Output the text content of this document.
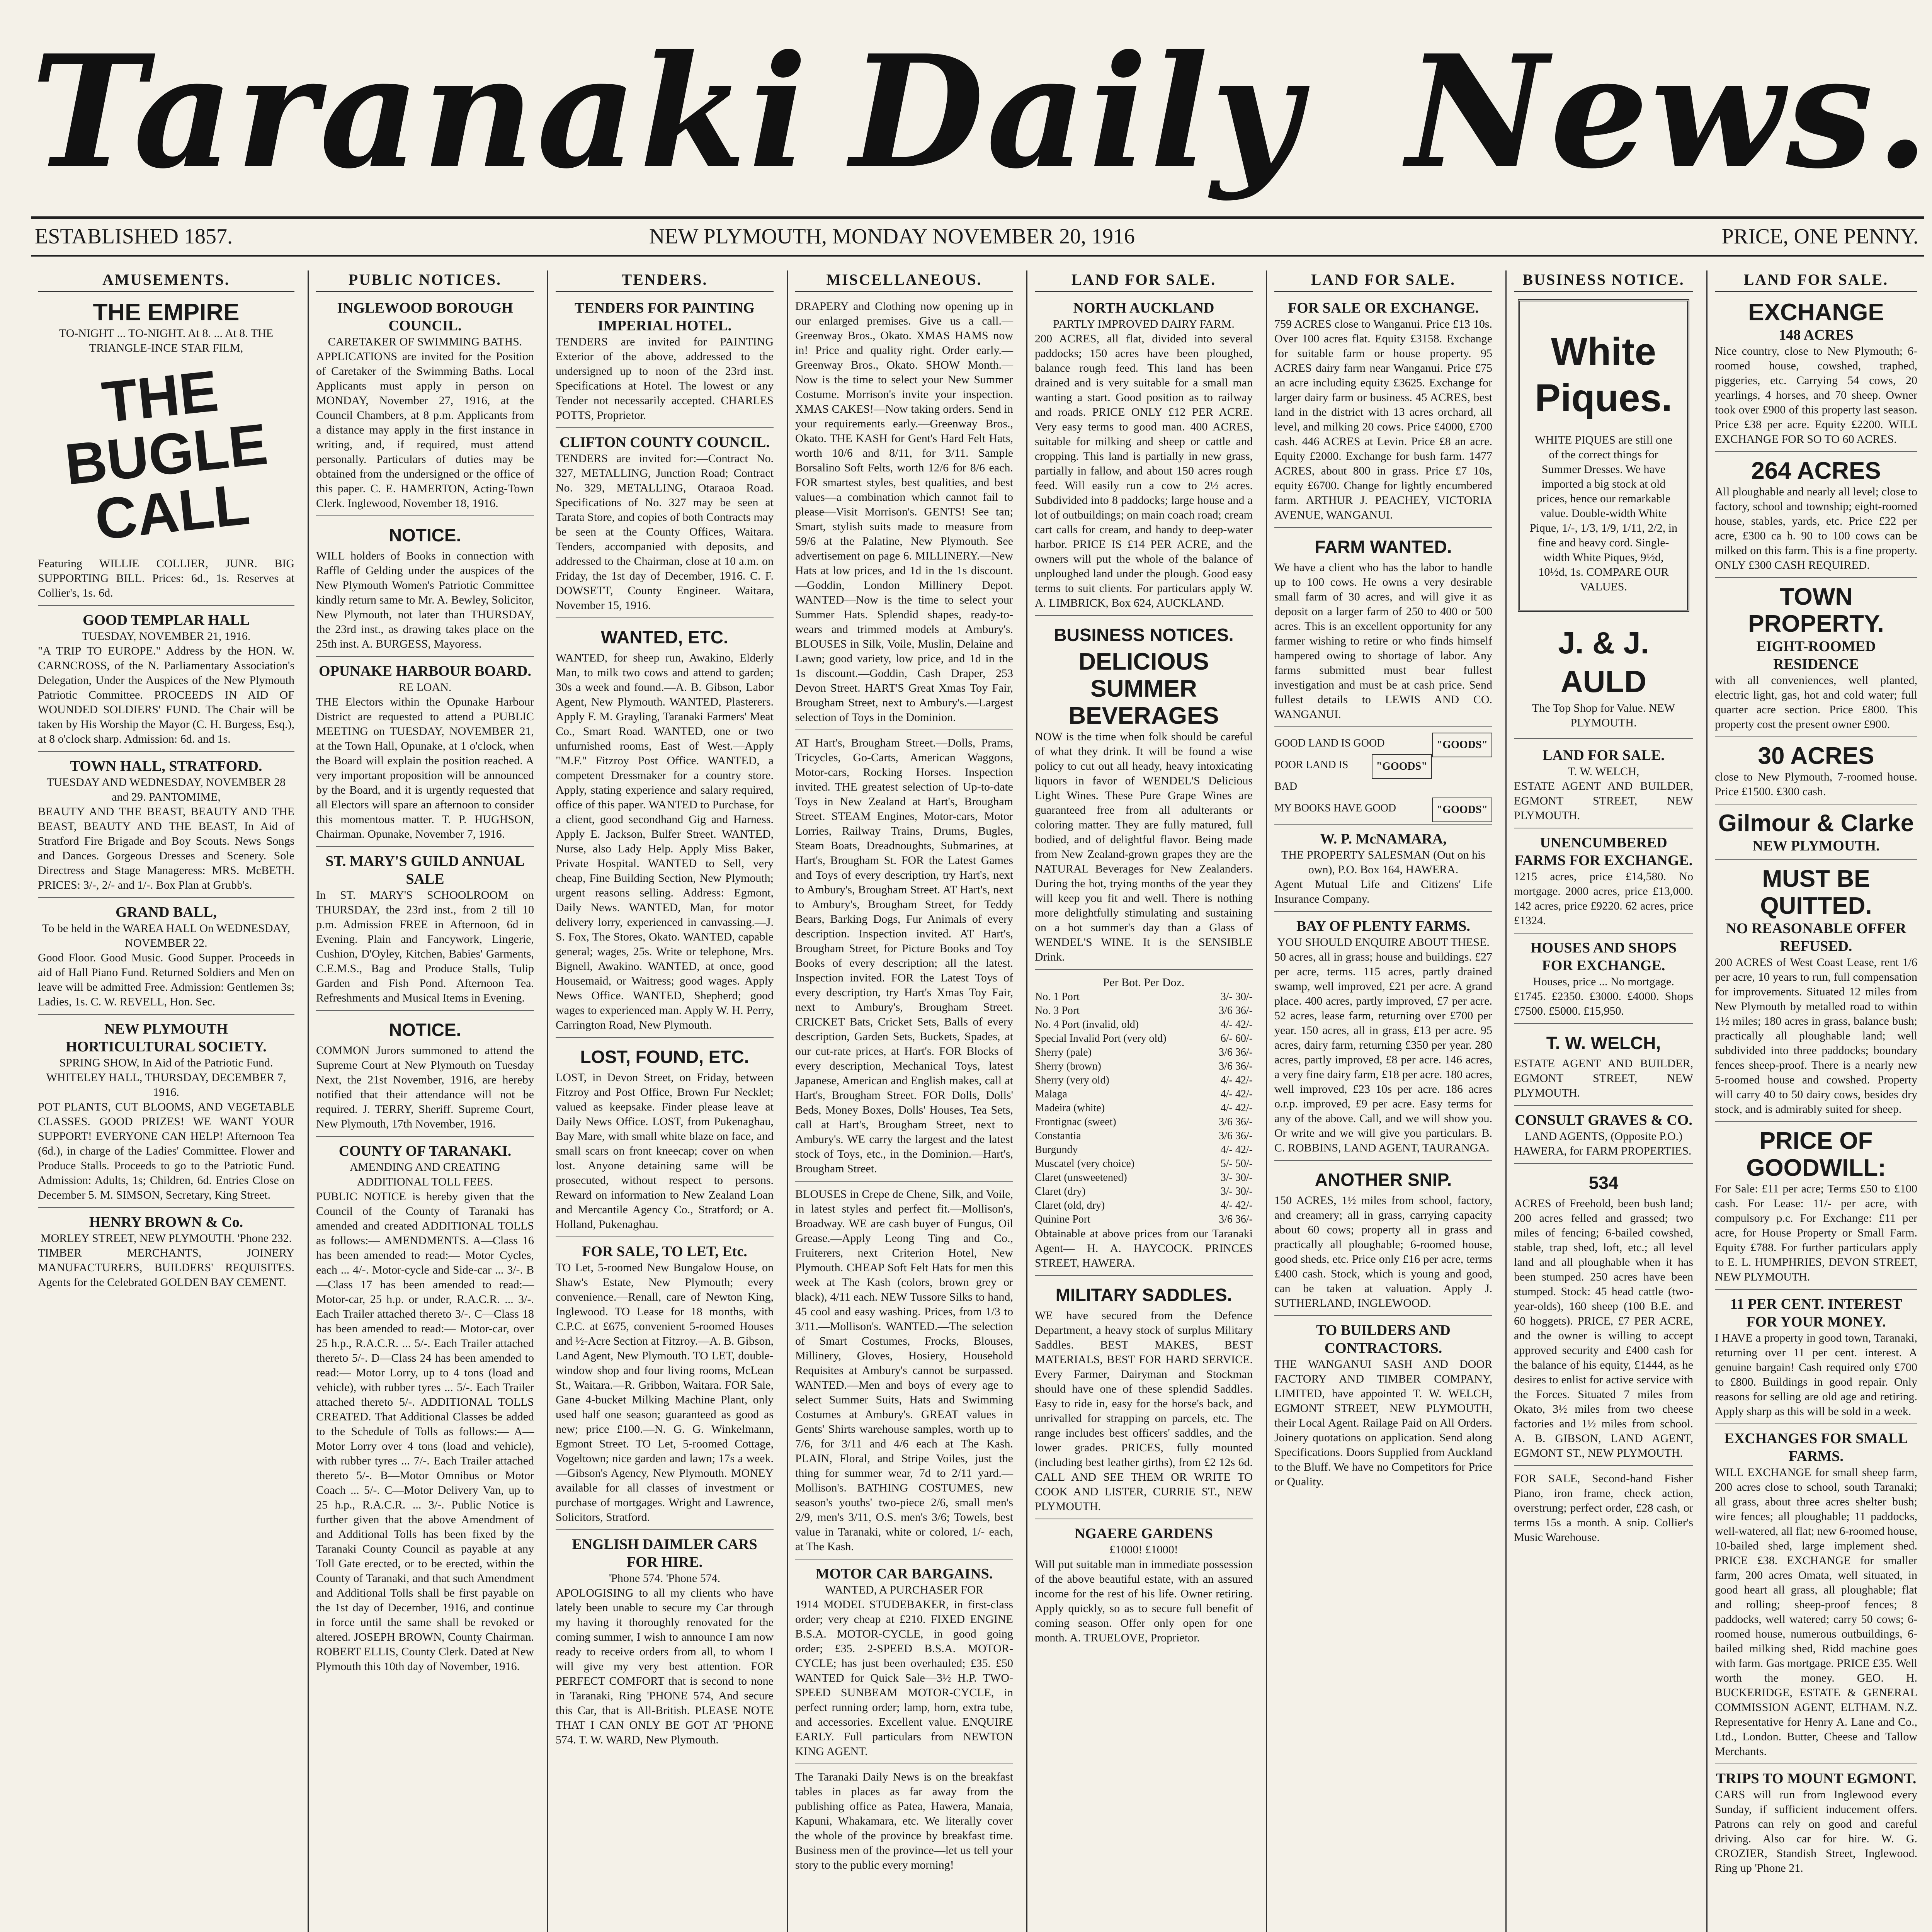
Taranaki Daily News.
ESTABLISHED 1857.	NEW PLYMOUTH, MONDAY NOVEMBER 20, 1916	PRICE, ONE PENNY.
AMUSEMENTS.
THE EMPIRE
TO-NIGHT ... TO-NIGHT. At 8. ... At 8. THE TRIANGLE-INCE STAR FILM,
THE BUGLE CALL
Featuring WILLIE COLLIER, JUNR. BIG SUPPORTING BILL. Prices: 6d., 1s. Reserves at Collier's, 1s. 6d.
GOOD TEMPLAR HALL
TUESDAY, NOVEMBER 21, 1916.
"A TRIP TO EUROPE." Address by the HON. W. CARNCROSS, of the N. Parliamentary Association's Delegation, Under the Auspices of the New Plymouth Patriotic Committee. PROCEEDS IN AID OF WOUNDED SOLDIERS' FUND. The Chair will be taken by His Worship the Mayor (C. H. Burgess, Esq.), at 8 o'clock sharp. Admission: 6d. and 1s.
TOWN HALL, STRATFORD.
TUESDAY AND WEDNESDAY, NOVEMBER 28 and 29. PANTOMIME,
BEAUTY AND THE BEAST, BEAUTY AND THE BEAST, BEAUTY AND THE BEAST, In Aid of Stratford Fire Brigade and Boy Scouts. News Songs and Dances. Gorgeous Dresses and Scenery. Sole Directress and Stage Manageress: MRS. McBETH. PRICES: 3/-, 2/- and 1/-. Box Plan at Grubb's.
GRAND BALL,
To be held in the WAREA HALL On WEDNESDAY, NOVEMBER 22.
Good Floor. Good Music. Good Supper. Proceeds in aid of Hall Piano Fund. Returned Soldiers and Men on leave will be admitted Free. Admission: Gentlemen 3s; Ladies, 1s. C. W. REVELL, Hon. Sec.
NEW PLYMOUTH HORTICULTURAL SOCIETY.
SPRING SHOW, In Aid of the Patriotic Fund. WHITELEY HALL, THURSDAY, DECEMBER 7, 1916.
POT PLANTS, CUT BLOOMS, AND VEGETABLE CLASSES. GOOD PRIZES! WE WANT YOUR SUPPORT! EVERYONE CAN HELP! Afternoon Tea (6d.), in charge of the Ladies' Committee. Flower and Produce Stalls. Proceeds to go to the Patriotic Fund. Admission: Adults, 1s; Children, 6d. Entries Close on December 5. M. SIMSON, Secretary, King Street.
HENRY BROWN & Co.
MORLEY STREET, NEW PLYMOUTH. 'Phone 232.
TIMBER MERCHANTS, JOINERY MANUFACTURERS, BUILDERS' REQUISITES. Agents for the Celebrated GOLDEN BAY CEMENT.
PUBLIC NOTICES.
INGLEWOOD BOROUGH COUNCIL.
CARETAKER OF SWIMMING BATHS.
APPLICATIONS are invited for the Position of Caretaker of the Swimming Baths. Local Applicants must apply in person on MONDAY, November 27, 1916, at the Council Chambers, at 8 p.m. Applicants from a distance may apply in the first instance in writing, and, if required, must attend personally. Particulars of duties may be obtained from the undersigned or the office of this paper. C. E. HAMERTON, Acting-Town Clerk. Inglewood, November 18, 1916.
NOTICE.
WILL holders of Books in connection with Raffle of Gelding under the auspices of the New Plymouth Women's Patriotic Committee kindly return same to Mr. A. Bewley, Solicitor, New Plymouth, not later than THURSDAY, the 23rd inst., as drawing takes place on the 25th inst. A. BURGESS, Mayoress.
OPUNAKE HARBOUR BOARD.
RE LOAN.
THE Electors within the Opunake Harbour District are requested to attend a PUBLIC MEETING on TUESDAY, NOVEMBER 21, at the Town Hall, Opunake, at 1 o'clock, when the Board will explain the position reached. A very important proposition will be announced by the Board, and it is urgently requested that all Electors will spare an afternoon to consider this momentous matter. T. P. HUGHSON, Chairman. Opunake, November 7, 1916.
ST. MARY'S GUILD ANNUAL SALE
In ST. MARY'S SCHOOLROOM on THURSDAY, the 23rd inst., from 2 till 10 p.m. Admission FREE in Afternoon, 6d in Evening. Plain and Fancywork, Lingerie, Cushion, D'Oyley, Kitchen, Babies' Garments, C.E.M.S., Bag and Produce Stalls, Tulip Garden and Fish Pond. Afternoon Tea. Refreshments and Musical Items in Evening.
NOTICE.
COMMON Jurors summoned to attend the Supreme Court at New Plymouth on Tuesday Next, the 21st November, 1916, are hereby notified that their attendance will not be required. J. TERRY, Sheriff. Supreme Court, New Plymouth, 17th November, 1916.
COUNTY OF TARANAKI.
AMENDING AND CREATING ADDITIONAL TOLL FEES.
PUBLIC NOTICE is hereby given that the Council of the County of Taranaki has amended and created ADDITIONAL TOLLS as follows:— AMENDMENTS. A—Class 16 has been amended to read:— Motor Cycles, each ... 4/-. Motor-cycle and Side-car ... 3/-. B—Class 17 has been amended to read:— Motor-car, 25 h.p. or under, R.A.C.R. ... 3/-. Each Trailer attached thereto 3/-. C—Class 18 has been amended to read:— Motor-car, over 25 h.p., R.A.C.R. ... 5/-. Each Trailer attached thereto 5/-. D—Class 24 has been amended to read:— Motor Lorry, up to 4 tons (load and vehicle), with rubber tyres ... 5/-. Each Trailer attached thereto 5/-. ADDITIONAL TOLLS CREATED. That Additional Classes be added to the Schedule of Tolls as follows:— A—Motor Lorry over 4 tons (load and vehicle), with rubber tyres ... 7/-. Each Trailer attached thereto 5/-. B—Motor Omnibus or Motor Coach ... 5/-. C—Motor Delivery Van, up to 25 h.p., R.A.C.R. ... 3/-. Public Notice is further given that the above Amendment of and Additional Tolls has been fixed by the Taranaki County Council as payable at any Toll Gate erected, or to be erected, within the County of Taranaki, and that such Amendment and Additional Tolls shall be first payable on the 1st day of December, 1916, and continue in force until the same shall be revoked or altered. JOSEPH BROWN, County Chairman. ROBERT ELLIS, County Clerk. Dated at New Plymouth this 10th day of November, 1916.
TENDERS.
TENDERS FOR PAINTING IMPERIAL HOTEL.
TENDERS are invited for PAINTING Exterior of the above, addressed to the undersigned up to noon of the 23rd inst. Specifications at Hotel. The lowest or any Tender not necessarily accepted. CHARLES POTTS, Proprietor.
CLIFTON COUNTY COUNCIL.
TENDERS are invited for:—Contract No. 327, METALLING, Junction Road; Contract No. 329, METALLING, Otaraoa Road. Specifications of No. 327 may be seen at Tarata Store, and copies of both Contracts may be seen at the County Offices, Waitara. Tenders, accompanied with deposits, and addressed to the Chairman, close at 10 a.m. on Friday, the 1st day of December, 1916. C. F. DOWSETT, County Engineer. Waitara, November 15, 1916.
WANTED, ETC.
WANTED, for sheep run, Awakino, Elderly Man, to milk two cows and attend to garden; 30s a week and found.—A. B. Gibson, Labor Agent, New Plymouth. WANTED, Plasterers. Apply F. M. Grayling, Taranaki Farmers' Meat Co., Smart Road. WANTED, one or two unfurnished rooms, East of West.—Apply "M.F." Fitzroy Post Office. WANTED, a competent Dressmaker for a country store. Apply, stating experience and salary required, office of this paper. WANTED to Purchase, for a client, good secondhand Gig and Harness. Apply E. Jackson, Bulfer Street. WANTED, Nurse, also Lady Help. Apply Miss Baker, Private Hospital. WANTED to Sell, very cheap, Fine Building Section, New Plymouth; urgent reasons selling. Address: Egmont, Daily News. WANTED, Man, for motor delivery lorry, experienced in canvassing.—J. S. Fox, The Stores, Okato. WANTED, capable general; wages, 25s. Write or telephone, Mrs. Bignell, Awakino. WANTED, at once, good Housemaid, or Waitress; good wages. Apply News Office. WANTED, Shepherd; good wages to experienced man. Apply W. H. Perry, Carrington Road, New Plymouth.
LOST, FOUND, ETC.
LOST, in Devon Street, on Friday, between Fitzroy and Post Office, Brown Fur Necklet; valued as keepsake. Finder please leave at Daily News Office. LOST, from Pukenaghau, Bay Mare, with small white blaze on face, and small scars on front kneecap; cover on when lost. Anyone detaining same will be prosecuted, without respect to persons. Reward on information to New Zealand Loan and Mercantile Agency Co., Stratford; or A. Holland, Pukenaghau.
FOR SALE, TO LET, Etc.
TO Let, 5-roomed New Bungalow House, on Shaw's Estate, New Plymouth; every convenience.—Renall, care of Newton King, Inglewood. TO Lease for 18 months, with C.P.C. at £675, convenient 5-roomed Houses and ½-Acre Section at Fitzroy.—A. B. Gibson, Land Agent, New Plymouth. TO LET, double-window shop and four living rooms, McLean St., Waitara.—R. Gribbon, Waitara. FOR Sale, Gane 4-bucket Milking Machine Plant, only used half one season; guaranteed as good as new; price £100.—N. G. G. Winkelmann, Egmont Street. TO Let, 5-roomed Cottage, Vogeltown; nice garden and lawn; 17s a week.—Gibson's Agency, New Plymouth. MONEY available for all classes of investment or purchase of mortgages. Wright and Lawrence, Solicitors, Stratford.
ENGLISH DAIMLER CARS FOR HIRE.
'Phone 574. 'Phone 574.
APOLOGISING to all my clients who have lately been unable to secure my Car through my having it thoroughly renovated for the coming summer, I wish to announce I am now ready to receive orders from all, to whom I will give my very best attention. FOR PERFECT COMFORT that is second to none in Taranaki, Ring 'PHONE 574, And secure this Car, that is All-British. PLEASE NOTE THAT I CAN ONLY BE GOT AT 'PHONE 574. T. W. WARD, New Plymouth.
MISCELLANEOUS.
DRAPERY and Clothing now opening up in our enlarged premises. Give us a call.—Greenway Bros., Okato. XMAS HAMS now in! Price and quality right. Order early.—Greenway Bros., Okato. SHOW Month.—Now is the time to select your New Summer Costume. Morrison's invite your inspection. XMAS CAKES!—Now taking orders. Send in your requirements early.—Greenway Bros., Okato. THE KASH for Gent's Hard Felt Hats, worth 10/6 and 8/11, for 3/11. Sample Borsalino Soft Felts, worth 12/6 for 8/6 each. FOR smartest styles, best qualities, and best values—a combination which cannot fail to please—Visit Morrison's. GENTS! See tan; Smart, stylish suits made to measure from 59/6 at the Palatine, New Plymouth. See advertisement on page 6. MILLINERY.—New Hats at low prices, and 1d in the 1s discount.—Goddin, London Millinery Depot. WANTED—Now is the time to select your Summer Hats. Splendid shapes, ready-to-wears and trimmed models at Ambury's. BLOUSES in Silk, Voile, Muslin, Delaine and Lawn; good variety, low price, and 1d in the 1s discount.—Goddin, Cash Draper, 253 Devon Street. HART'S Great Xmas Toy Fair, Brougham Street, next to Ambury's.—Largest selection of Toys in the Dominion.
AT Hart's, Brougham Street.—Dolls, Prams, Tricycles, Go-Carts, American Waggons, Motor-cars, Rocking Horses. Inspection invited. THE greatest selection of Up-to-date Toys in New Zealand at Hart's, Brougham Street. STEAM Engines, Motor-cars, Motor Lorries, Railway Trains, Drums, Bugles, Steam Boats, Dreadnoughts, Submarines, at Hart's, Brougham St. FOR the Latest Games and Toys of every description, try Hart's, next to Ambury's, Brougham Street. AT Hart's, next to Ambury's, Brougham Street, for Teddy Bears, Barking Dogs, Fur Animals of every description. Inspection invited. AT Hart's, Brougham Street, for Picture Books and Toy Books of every description; all the latest. Inspection invited. FOR the Latest Toys of every description, try Hart's Xmas Toy Fair, next to Ambury's, Brougham Street. CRICKET Bats, Cricket Sets, Balls of every description, Garden Sets, Buckets, Spades, at our cut-rate prices, at Hart's. FOR Blocks of every description, Mechanical Toys, latest Japanese, American and English makes, call at Hart's, Brougham Street. FOR Dolls, Dolls' Beds, Money Boxes, Dolls' Houses, Tea Sets, call at Hart's, Brougham Street, next to Ambury's. WE carry the largest and the latest stock of Toys, etc., in the Dominion.—Hart's, Brougham Street.
BLOUSES in Crepe de Chene, Silk, and Voile, in latest styles and perfect fit.—Mollison's, Broadway. WE are cash buyer of Fungus, Oil Grease.—Apply Leong Ting and Co., Fruiterers, next Criterion Hotel, New Plymouth. CHEAP Soft Felt Hats for men this week at The Kash (colors, brown grey or black), 4/11 each. NEW Tussore Silks to hand, 45 cool and easy washing. Prices, from 1/3 to 3/11.—Mollison's. WANTED.—The selection of Smart Costumes, Frocks, Blouses, Millinery, Gloves, Hosiery, Household Requisites at Ambury's cannot be surpassed. WANTED.—Men and boys of every age to select Summer Suits, Hats and Swimming Costumes at Ambury's. GREAT values in Gents' Shirts warehouse samples, worth up to 7/6, for 3/11 and 4/6 each at The Kash. PLAIN, Floral, and Stripe Voiles, just the thing for summer wear, 7d to 2/11 yard.—Mollison's. BATHING COSTUMES, new season's youths' two-piece 2/6, small men's 2/9, men's 3/11, O.S. men's 3/6; Towels, best value in Taranaki, white or colored, 1/- each, at The Kash.
MOTOR CAR BARGAINS.
WANTED, A PURCHASER FOR
1914 MODEL STUDEBAKER, in first-class order; very cheap at £210. FIXED ENGINE B.S.A. MOTOR-CYCLE, in good going order; £35. 2-SPEED B.S.A. MOTOR-CYCLE; has just been overhauled; £35. £50 WANTED for Quick Sale—3½ H.P. TWO-SPEED SUNBEAM MOTOR-CYCLE, in perfect running order; lamp, horn, extra tube, and accessories. Excellent value. ENQUIRE EARLY. Full particulars from NEWTON KING AGENT.
The Taranaki Daily News is on the breakfast tables in places as far away from the publishing office as Patea, Hawera, Manaia, Kapuni, Whakamara, etc. We literally cover the whole of the province by breakfast time. Business men of the province—let us tell your story to the public every morning!
LAND FOR SALE.
NORTH AUCKLAND
PARTLY IMPROVED DAIRY FARM.
200 ACRES, all flat, divided into several paddocks; 150 acres have been ploughed, balance rough feed. This land has been drained and is very suitable for a small man wanting a start. Good position as to railway and roads. PRICE ONLY £12 PER ACRE. Very easy terms to good man. 400 ACRES, suitable for milking and sheep or cattle and cropping. This land is partially in new grass, partially in fallow, and about 150 acres rough feed. Will easily run a cow to 2½ acres. Subdivided into 8 paddocks; large house and a lot of outbuildings; on main coach road; cream cart calls for cream, and handy to deep-water harbor. PRICE IS £14 PER ACRE, and the owners will put the whole of the balance of unploughed land under the plough. Good easy terms to suit clients. For particulars apply W. A. LIMBRICK, Box 624, AUCKLAND.
BUSINESS NOTICES.
DELICIOUS SUMMER BEVERAGES
NOW is the time when folk should be careful of what they drink. It will be found a wise policy to cut out all heady, heavy intoxicating liquors in favor of WENDEL'S Delicious Light Wines. These Pure Grape Wines are guaranteed free from all adulterants or coloring matter. They are fully matured, full bodied, and of delightful flavor. Being made from New Zealand-grown grapes they are the NATURAL Beverages for New Zealanders. During the hot, trying months of the year they will keep you fit and well. There is nothing more delightfully stimulating and sustaining on a hot summer's day than a Glass of WENDEL'S WINE. It is the SENSIBLE Drink.
Per Bot. Per Doz.
No. 1 Port	3/- 30/-
No. 3 Port	3/6 36/-
No. 4 Port (invalid, old)	4/- 42/-
Special Invalid Port (very old)	6/- 60/-
Sherry (pale)	3/6 36/-
Sherry (brown)	3/6 36/-
Sherry (very old)	4/- 42/-
Malaga	4/- 42/-
Madeira (white)	4/- 42/-
Frontignac (sweet)	3/6 36/-
Constantia	3/6 36/-
Burgundy	4/- 42/-
Muscatel (very choice)	5/- 50/-
Claret (unsweetened)	3/- 30/-
Claret (dry)	3/- 30/-
Claret (old, dry)	4/- 42/-
Quinine Port	3/6 36/-
Obtainable at above prices from our Taranaki Agent— H. A. HAYCOCK. PRINCES STREET, HAWERA.
MILITARY SADDLES.
WE have secured from the Defence Department, a heavy stock of surplus Military Saddles. BEST MAKES, BEST MATERIALS, BEST FOR HARD SERVICE. Every Farmer, Dairyman and Stockman should have one of these splendid Saddles. Easy to ride in, easy for the horse's back, and unrivalled for strapping on parcels, etc. The range includes best officers' saddles, and the lower grades. PRICES, fully mounted (including best leather girths), from £2 12s 6d. CALL AND SEE THEM OR WRITE TO COOK AND LISTER, CURRIE ST., NEW PLYMOUTH.
NGAERE GARDENS
£1000! £1000!
Will put suitable man in immediate possession of the above beautiful estate, with an assured income for the rest of his life. Owner retiring. Apply quickly, so as to secure full benefit of coming season. Offer only open for one month. A. TRUELOVE, Proprietor.
LAND FOR SALE.
FOR SALE OR EXCHANGE.
759 ACRES close to Wanganui. Price £13 10s. Over 100 acres flat. Equity £3158. Exchange for suitable farm or house property. 95 ACRES dairy farm near Wanganui. Price £75 an acre including equity £3625. Exchange for larger dairy farm or business. 45 ACRES, best land in the district with 13 acres orchard, all level, and milking 20 cows. Price £4000, £700 cash. 446 ACRES at Levin. Price £8 an acre. Equity £2000. Exchange for bush farm. 1477 ACRES, about 800 in grass. Price £7 10s, equity £6700. Change for lightly encumbered farm. ARTHUR J. PEACHEY, VICTORIA AVENUE, WANGANUI.
FARM WANTED.
We have a client who has the labor to handle up to 100 cows. He owns a very desirable small farm of 30 acres, and will give it as deposit on a larger farm of 250 to 400 or 500 acres. This is an excellent opportunity for any farmer wishing to retire or who finds himself hampered owing to shortage of labor. Any farms submitted must bear fullest investigation and must be at cash price. Send fullest details to LEWIS AND CO. WANGANUI.
"GOODS"
GOOD LAND IS GOOD
"GOODS"
POOR LAND IS BAD
"GOODS"
MY BOOKS HAVE GOOD
W. P. McNAMARA,
THE PROPERTY SALESMAN (Out on his own), P.O. Box 164, HAWERA.
Agent Mutual Life and Citizens' Life Insurance Company.
BAY OF PLENTY FARMS.
YOU SHOULD ENQUIRE ABOUT THESE.
50 acres, all in grass; house and buildings. £27 per acre, terms. 115 acres, partly drained swamp, well improved, £21 per acre. A grand place. 400 acres, partly improved, £7 per acre. 52 acres, lease farm, returning over £700 per year. 150 acres, all in grass, £13 per acre. 95 acres, dairy farm, returning £350 per year. 280 acres, partly improved, £8 per acre. 146 acres, a very fine dairy farm, £18 per acre. 180 acres, well improved, £23 10s per acre. 186 acres o.r.p. improved, £9 per acre. Easy terms for any of the above. Call, and we will show you. Or write and we will give you particulars. B. C. ROBBINS, LAND AGENT, TAURANGA.
ANOTHER SNIP.
150 ACRES, 1½ miles from school, factory, and creamery; all in grass, carrying capacity about 60 cows; property all in grass and practically all ploughable; 6-roomed house, good sheds, etc. Price only £16 per acre, terms £400 cash. Stock, which is young and good, can be taken at valuation. Apply J. SUTHERLAND, INGLEWOOD.
TO BUILDERS AND CONTRACTORS.
THE WANGANUI SASH AND DOOR FACTORY AND TIMBER COMPANY, LIMITED, have appointed T. W. WELCH, EGMONT STREET, NEW PLYMOUTH, their Local Agent. Railage Paid on All Orders. Joinery quotations on application. Send along Specifications. Doors Supplied from Auckland to the Bluff. We have no Competitors for Price or Quality.
BUSINESS NOTICE.
White Piques.
WHITE PIQUES are still one of the correct things for Summer Dresses. We have imported a big stock at old prices, hence our remarkable value. Double-width White Pique, 1/-, 1/3, 1/9, 1/11, 2/2, in fine and heavy cord. Single-width White Piques, 9½d, 10½d, 1s. COMPARE OUR VALUES.
J. & J. AULD
The Top Shop for Value. NEW PLYMOUTH.
LAND FOR SALE.
T. W. WELCH,
ESTATE AGENT AND BUILDER, EGMONT STREET, NEW PLYMOUTH.
UNENCUMBERED FARMS FOR EXCHANGE.
1215 acres, price £14,580. No mortgage. 2000 acres, price £13,000. 142 acres, price £9220. 62 acres, price £1324.
HOUSES AND SHOPS FOR EXCHANGE.
Houses, price ... No mortgage.
£1745. £2350. £3000. £4000. Shops £7500. £5000. £15,950.
T. W. WELCH,
ESTATE AGENT AND BUILDER, EGMONT STREET, NEW PLYMOUTH.
CONSULT GRAVES & CO.
LAND AGENTS, (Opposite P.O.)
HAWERA, for FARM PROPERTIES.
534
ACRES of Freehold, been bush land; 200 acres felled and grassed; two miles of fencing; 6-bailed cowshed, stable, trap shed, loft, etc.; all level land and all ploughable when it has been stumped. 250 acres have been stumped. Stock: 45 head cattle (two-year-olds), 160 sheep (100 B.E. and 60 hoggets). PRICE, £7 PER ACRE, and the owner is willing to accept approved security and £400 cash for the balance of his equity, £1444, as he desires to enlist for active service with the Forces. Situated 7 miles from Okato, 3½ miles from two cheese factories and 1½ miles from school. A. B. GIBSON, LAND AGENT, EGMONT ST., NEW PLYMOUTH.
FOR SALE, Second-hand Fisher Piano, iron frame, check action, overstrung; perfect order, £28 cash, or terms 15s a month. A snip. Collier's Music Warehouse.
LAND FOR SALE.
EXCHANGE
148 ACRES
Nice country, close to New Plymouth; 6-roomed house, cowshed, traphed, piggeries, etc. Carrying 54 cows, 20 yearlings, 4 horses, and 70 sheep. Owner took over £900 of this property last season. Price £38 per acre. Equity £2200. WILL EXCHANGE FOR SO TO 60 ACRES.
264 ACRES
All ploughable and nearly all level; close to factory, school and township; eight-roomed house, stables, yards, etc. Price £22 per acre, £300 ca h. 90 to 100 cows can be milked on this farm. This is a fine property. ONLY £300 CASH REQUIRED.
TOWN PROPERTY.
EIGHT-ROOMED RESIDENCE
with all conveniences, well planted, electric light, gas, hot and cold water; full quarter acre section. Price £800. This property cost the present owner £900.
30 ACRES
close to New Plymouth, 7-roomed house. Price £1500. £300 cash.
Gilmour & Clarke
NEW PLYMOUTH.
MUST BE QUITTED.
NO REASONABLE OFFER REFUSED.
200 ACRES of West Coast Lease, rent 1/6 per acre, 10 years to run, full compensation for improvements. Situated 12 miles from New Plymouth by metalled road to within 1½ miles; 180 acres in grass, balance bush; practically all ploughable land; well subdivided into three paddocks; boundary fences sheep-proof. There is a nearly new 5-roomed house and cowshed. Property will carry 40 to 50 dairy cows, besides dry stock, and is admirably suited for sheep.
PRICE OF GOODWILL:
For Sale: £11 per acre; Terms £50 to £100 cash. For Lease: 11/- per acre, with compulsory p.c. For Exchange: £11 per acre, for House Property or Small Farm. Equity £788. For further particulars apply to E. L. HUMPHRIES, DEVON STREET, NEW PLYMOUTH.
11 PER CENT. INTEREST FOR YOUR MONEY.
I HAVE a property in good town, Taranaki, returning over 11 per cent. interest. A genuine bargain! Cash required only £700 to £800. Buildings in good repair. Only reasons for selling are old age and retiring. Apply sharp as this will be sold in a week.
EXCHANGES FOR SMALL FARMS.
WILL EXCHANGE for small sheep farm, 200 acres close to school, south Taranaki; all grass, about three acres shelter bush; wire fences; all ploughable; 11 paddocks, well-watered, all flat; new 6-roomed house, 10-bailed shed, large implement shed. PRICE £38. EXCHANGE for smaller farm, 200 acres Omata, well situated, in good heart all grass, all ploughable; flat and rolling; sheep-proof fences; 8 paddocks, well watered; carry 50 cows; 6-roomed house, numerous outbuildings, 6-bailed milking shed, Ridd machine goes with farm. Gas mortgage. PRICE £35. Well worth the money. GEO. H. BUCKERIDGE, ESTATE & GENERAL COMMISSION AGENT, ELTHAM. N.Z. Representative for Henry A. Lane and Co., Ltd., London. Butter, Cheese and Tallow Merchants.
TRIPS TO MOUNT EGMONT.
CARS will run from Inglewood every Sunday, if sufficient inducement offers. Patrons can rely on good and careful driving. Also car for hire. W. G. CROZIER, Standish Street, Inglewood. Ring up 'Phone 21.
